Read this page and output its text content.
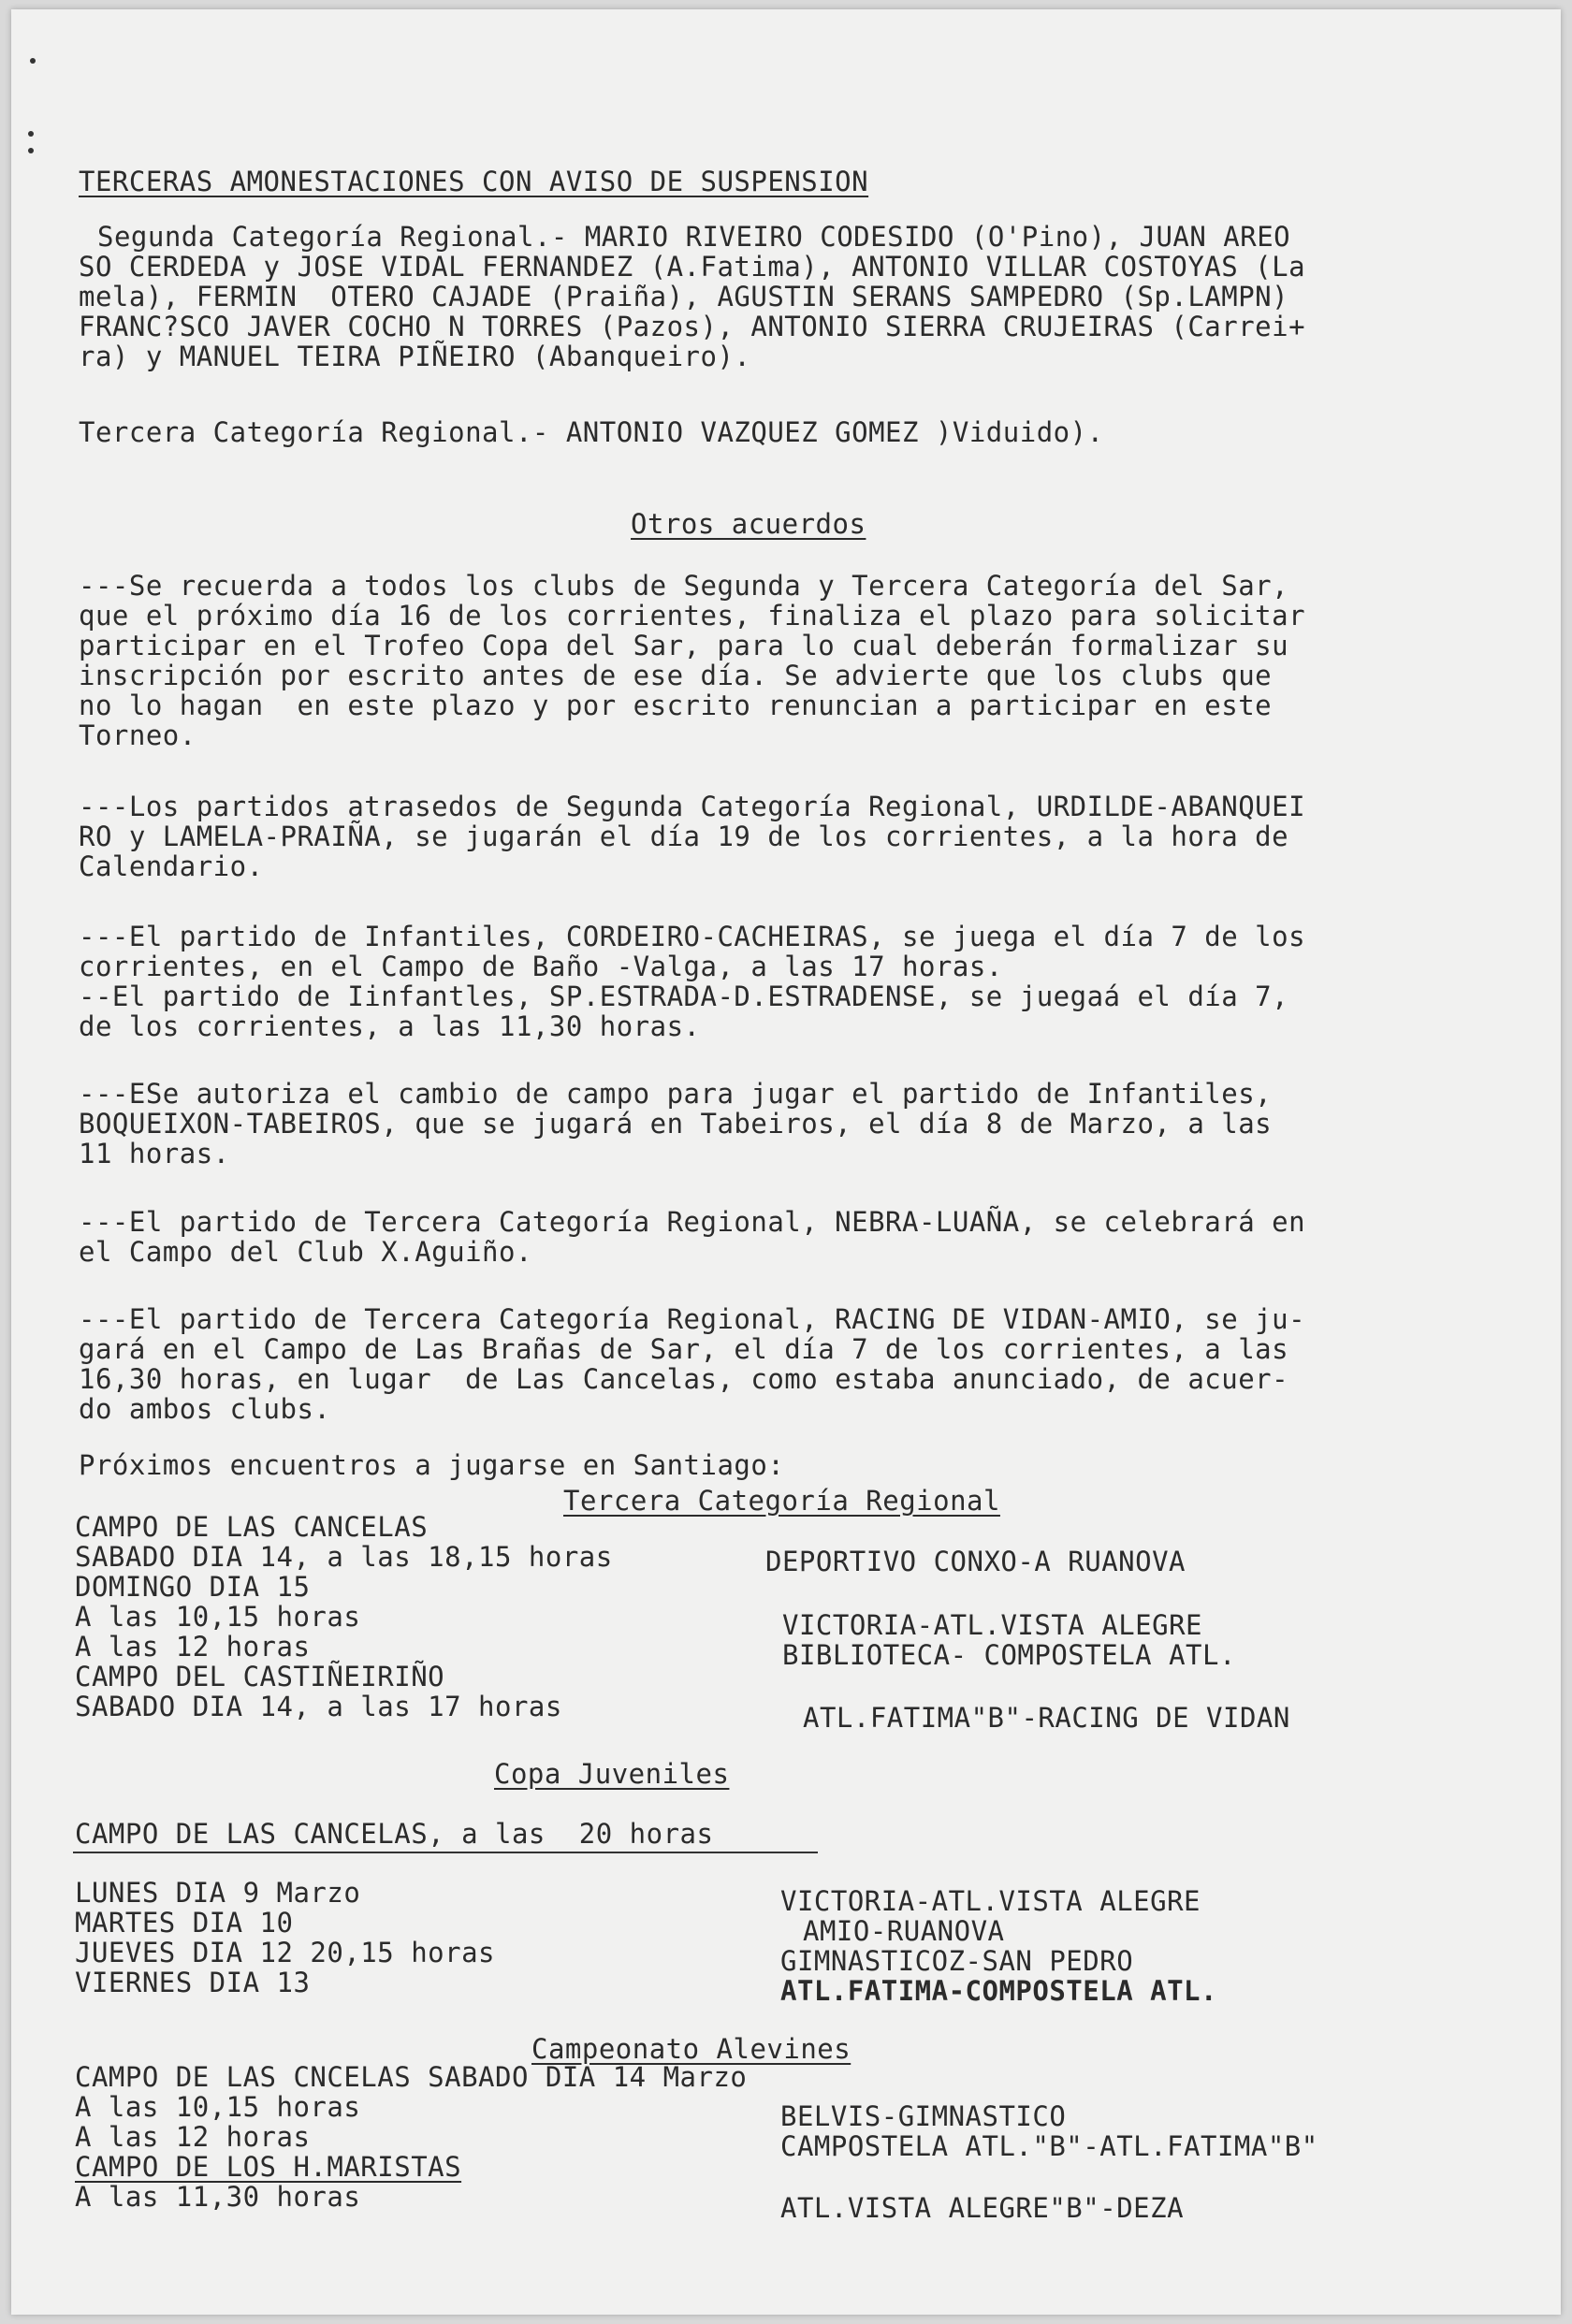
TERCERAS AMONESTACIONES CON AVISO DE SUSPENSION
Segunda Categoría Regional.- MARIO RIVEIRO CODESIDO (O'Pino), JUAN AREO
SO CERDEDA y JOSE VIDAL FERNANDEZ (A.Fatima), ANTONIO VILLAR COSTOYAS (La
mela), FERMIN  OTERO CAJADE (Praiña), AGUSTIN SERANS SAMPEDRO (Sp.LAMPN)
FRANC?SCO JAVER COCHO N TORRES (Pazos), ANTONIO SIERRA CRUJEIRAS (Carrei+
ra) y MANUEL TEIRA PIÑEIRO (Abanqueiro).
Tercera Categoría Regional.- ANTONIO VAZQUEZ GOMEZ )Viduido).
Otros acuerdos
---Se recuerda a todos los clubs de Segunda y Tercera Categoría del Sar,
que el próximo día 16 de los corrientes, finaliza el plazo para solicitar
participar en el Trofeo Copa del Sar, para lo cual deberán formalizar su
inscripción por escrito antes de ese día. Se advierte que los clubs que
no lo hagan  en este plazo y por escrito renuncian a participar en este
Torneo.
---Los partidos atrasedos de Segunda Categoría Regional, URDILDE-ABANQUEI
RO y LAMELA-PRAIÑA, se jugarán el día 19 de los corrientes, a la hora de
Calendario.
---El partido de Infantiles, CORDEIRO-CACHEIRAS, se juega el día 7 de los
corrientes, en el Campo de Baño -Valga, a las 17 horas.
--El partido de Iinfantles, SP.ESTRADA-D.ESTRADENSE, se juegaá el día 7,
de los corrientes, a las 11,30 horas.
---ESe autoriza el cambio de campo para jugar el partido de Infantiles,
BOQUEIXON-TABEIROS, que se jugará en Tabeiros, el día 8 de Marzo, a las
11 horas.
---El partido de Tercera Categoría Regional, NEBRA-LUAÑA, se celebrará en
el Campo del Club X.Aguiño.
---El partido de Tercera Categoría Regional, RACING DE VIDAN-AMIO, se ju-
gará en el Campo de Las Brañas de Sar, el día 7 de los corrientes, a las
16,30 horas, en lugar  de Las Cancelas, como estaba anunciado, de acuer-
do ambos clubs.
Próximos encuentros a jugarse en Santiago:
Tercera Categoría Regional
CAMPO DE LAS CANCELAS
SABADO DIA 14, a las 18,15 horas
DOMINGO DIA 15
A las 10,15 horas
A las 12 horas
CAMPO DEL CASTIÑEIRIÑO
SABADO DIA 14, a las 17 horas
DEPORTIVO CONXO-A RUANOVA
VICTORIA-ATL.VISTA ALEGRE
BIBLIOTECA- COMPOSTELA ATL.
ATL.FATIMA"B"-RACING DE VIDAN
Copa Juveniles
CAMPO DE LAS CANCELAS, a las  20 horas
LUNES DIA 9 Marzo
MARTES DIA 10
JUEVES DIA 12 20,15 horas
VIERNES DIA 13
VICTORIA-ATL.VISTA ALEGRE
AMIO-RUANOVA
GIMNASTICOZ-SAN PEDRO
ATL.FATIMA-COMPOSTELA ATL.
Campeonato Alevines
CAMPO DE LAS CNCELAS SABADO DIA 14 Marzo
A las 10,15 horas
A las 12 horas
CAMPO DE LOS H.MARISTAS
A las 11,30 horas
BELVIS-GIMNASTICO
CAMPOSTELA ATL."B"-ATL.FATIMA"B"
ATL.VISTA ALEGRE"B"-DEZA
